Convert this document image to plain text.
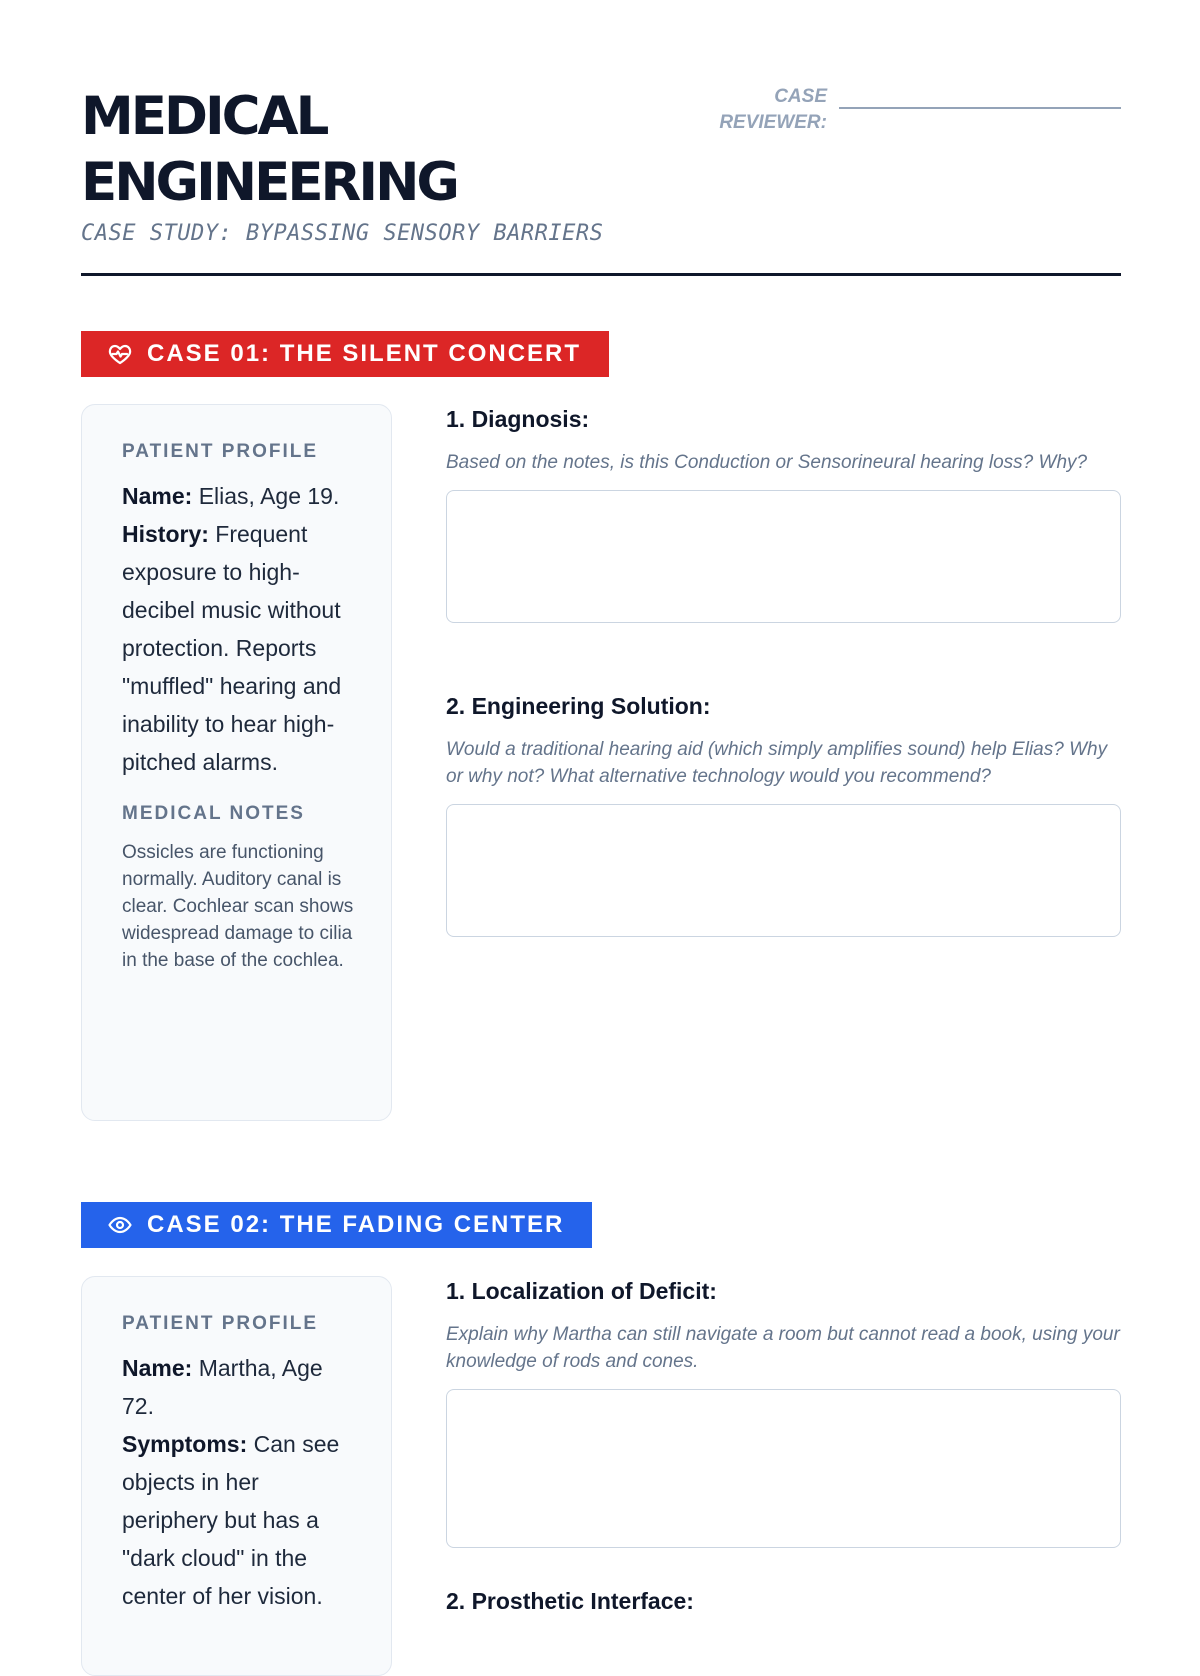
MEDICAL
ENGINEERING
CASE STUDY: BYPASSING SENSORY BARRIERS
CASE
REVIEWER:
CASE 01: THE SILENT CONCERT
PATIENT PROFILE
Name: Elias, Age 19.
History: Frequent exposure to high-decibel music without protection. Reports "muffled" hearing and inability to hear high-pitched alarms.
MEDICAL NOTES
Ossicles are functioning normally. Auditory canal is clear. Cochlear scan shows widespread damage to cilia in the base of the cochlea.
1. Diagnosis:
Based on the notes, is this Conduction or Sensorineural hearing loss? Why?
2. Engineering Solution:
Would a traditional hearing aid (which simply amplifies sound) help Elias? Why or why not? What alternative technology would you recommend?
CASE 02: THE FADING CENTER
PATIENT PROFILE
Name: Martha, Age 72.
Symptoms: Can see objects in her periphery but has a "dark cloud" in the center of her vision.
1. Localization of Deficit:
Explain why Martha can still navigate a room but cannot read a book, using your knowledge of rods and cones.
2. Prosthetic Interface:
